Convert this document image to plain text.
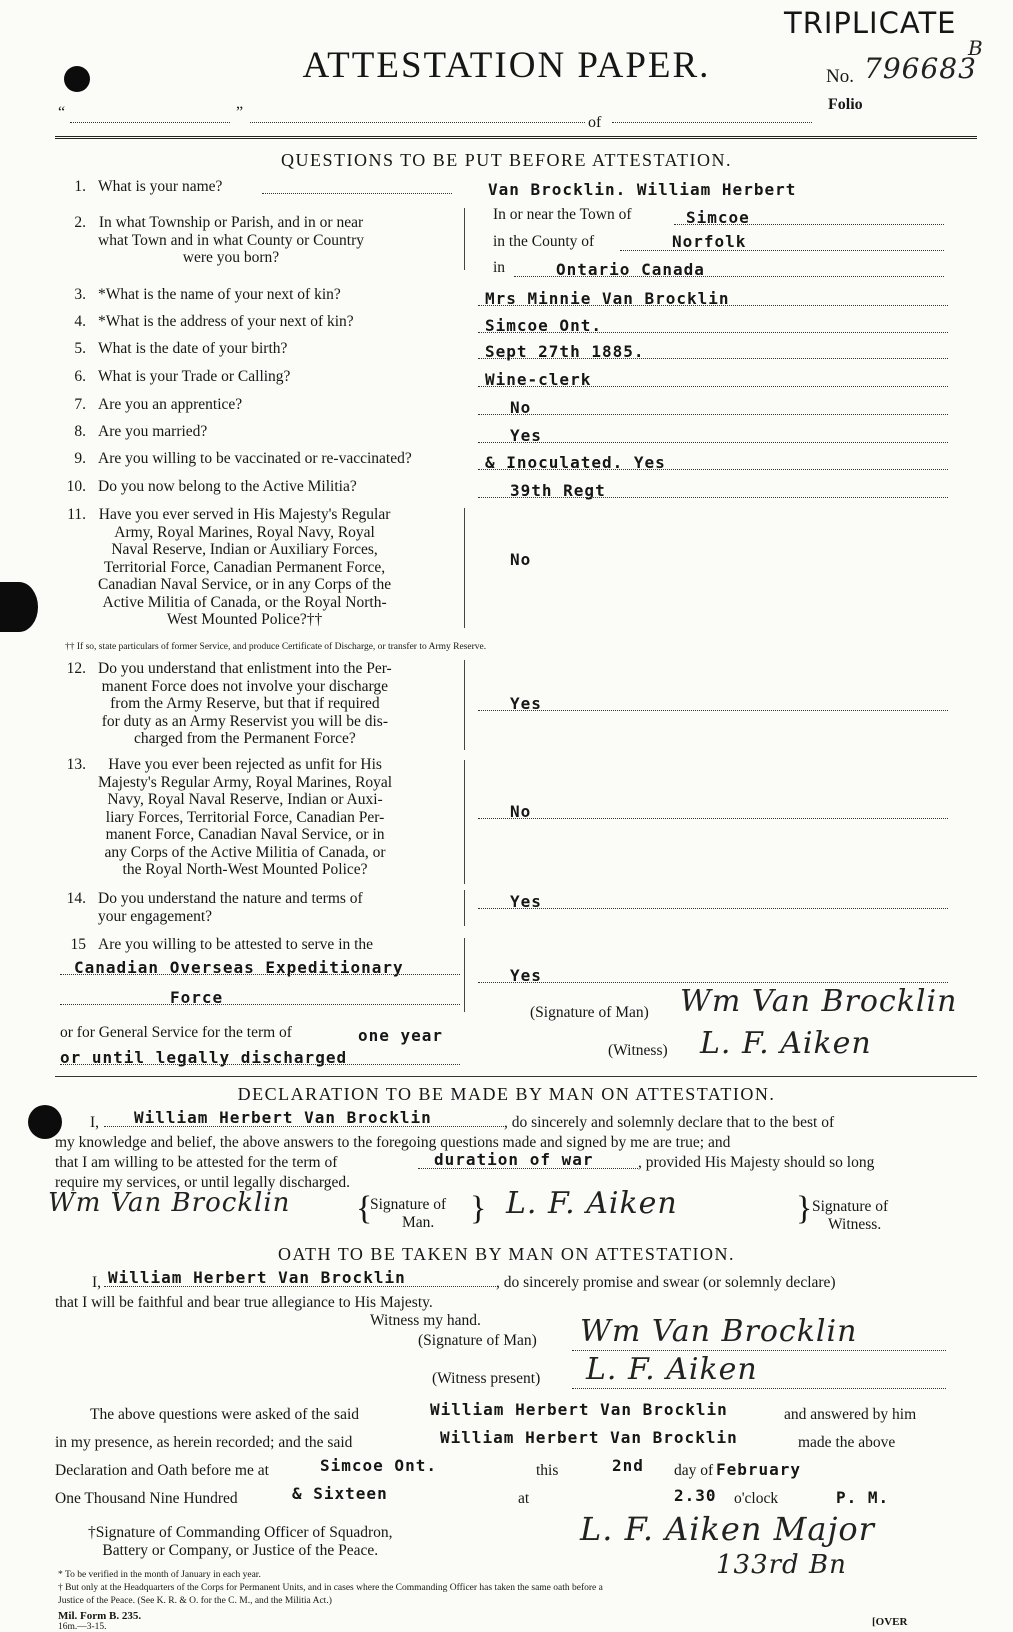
ATTESTATION PAPER.
TRIPLICATE
B
No. 796683
Folio
“	”
of
QUESTIONS TO BE PUT BEFORE ATTESTATION.
1. What is your name?	Van Brocklin. William Herbert
2. In what Township or Parish, and in or near
what Town and in what County or Country
were you born?
In or near the Town of	Simcoe
in the County of	Norfolk
in	Ontario Canada
3. *What is the name of your next of kin?	Mrs Minnie Van Brocklin
4. *What is the address of your next of kin?	Simcoe Ont.
5. What is the date of your birth?	Sept 27th 1885.
6. What is your Trade or Calling?	Wine-clerk
7. Are you an apprentice?	No
8. Are you married?	Yes
9. Are you willing to be vaccinated or re-vaccinated?	& Inoculated. Yes
10. Do you now belong to the Active Militia?	39th Regt
11. Have you ever served in His Majesty's Regular
Army, Royal Marines, Royal Navy, Royal
Naval Reserve, Indian or Auxiliary Forces,
Territorial Force, Canadian Permanent Force,
Canadian Naval Service, or in any Corps of the
Active Militia of Canada, or the Royal North-
West Mounted Police?††
No
†† If so, state particulars of former Service, and produce Certificate of Discharge, or transfer to Army Reserve.
12. Do you understand that enlistment into the Per-
manent Force does not involve your discharge
from the Army Reserve, but that if required
for duty as an Army Reservist you will be dis-
charged from the Permanent Force?
Yes
13.	Have you ever been rejected as unfit for His
Majesty's Regular Army, Royal Marines, Royal
Navy, Royal Naval Reserve, Indian or Auxi-
liary Forces, Territorial Force, Canadian Per-
manent Force, Canadian Naval Service, or in
any Corps of the Active Militia of Canada, or
the Royal North-West Mounted Police?
No
14. Do you understand the nature and terms of
your engagement?
Yes
15 Are you willing to be attested to serve in the
Canadian Overseas Expeditionary
Force
Yes
or for General Service for the term of	one year
or until legally discharged
(Signature of Man) Wm Van Brocklin
(Witness) L. F. Aiken
DECLARATION TO BE MADE BY MAN ON ATTESTATION.
I, William Herbert Van Brocklin	, do sincerely and solemnly declare that to the best of
my knowledge and belief, the above answers to the foregoing questions made and signed by me are true; and
that I am willing to be attested for the term of	duration of war	, provided His Majesty should so long
require my services, or until legally discharged.
Wm Van Brocklin {
Signature of
Man. } L. F. Aiken	} Signature of
Witness.
OATH TO BE TAKEN BY MAN ON ATTESTATION.
I, William Herbert Van Brocklin	, do sincerely promise and swear (or solemnly declare)
that I will be faithful and bear true allegiance to His Majesty.
Witness my hand.
(Signature of Man) Wm Van Brocklin
(Witness present) L. F. Aiken
The above questions were asked of the said	William Herbert Van Brocklin	and answered by him
in my presence, as herein recorded; and the said	William Herbert Van Brocklin	made the above
Declaration and Oath before me at	Simcoe Ont.	this	2nd day of February
One Thousand Nine Hundred	& Sixteen	at	2.30 o'clock	P. M.
†Signature of Commanding Officer of Squadron,
Battery or Company, or Justice of the Peace.
L. F. Aiken Major
133rd Bn
* To be verified in the month of January in each year.
† But only at the Headquarters of the Corps for Permanent Units, and in cases where the Commanding Officer has taken the same oath before a
Justice of the Peace. (See K. R. & O. for the C. M., and the Militia Act.)
Mil. Form B. 235.
16m.—3-15.	[OVER
